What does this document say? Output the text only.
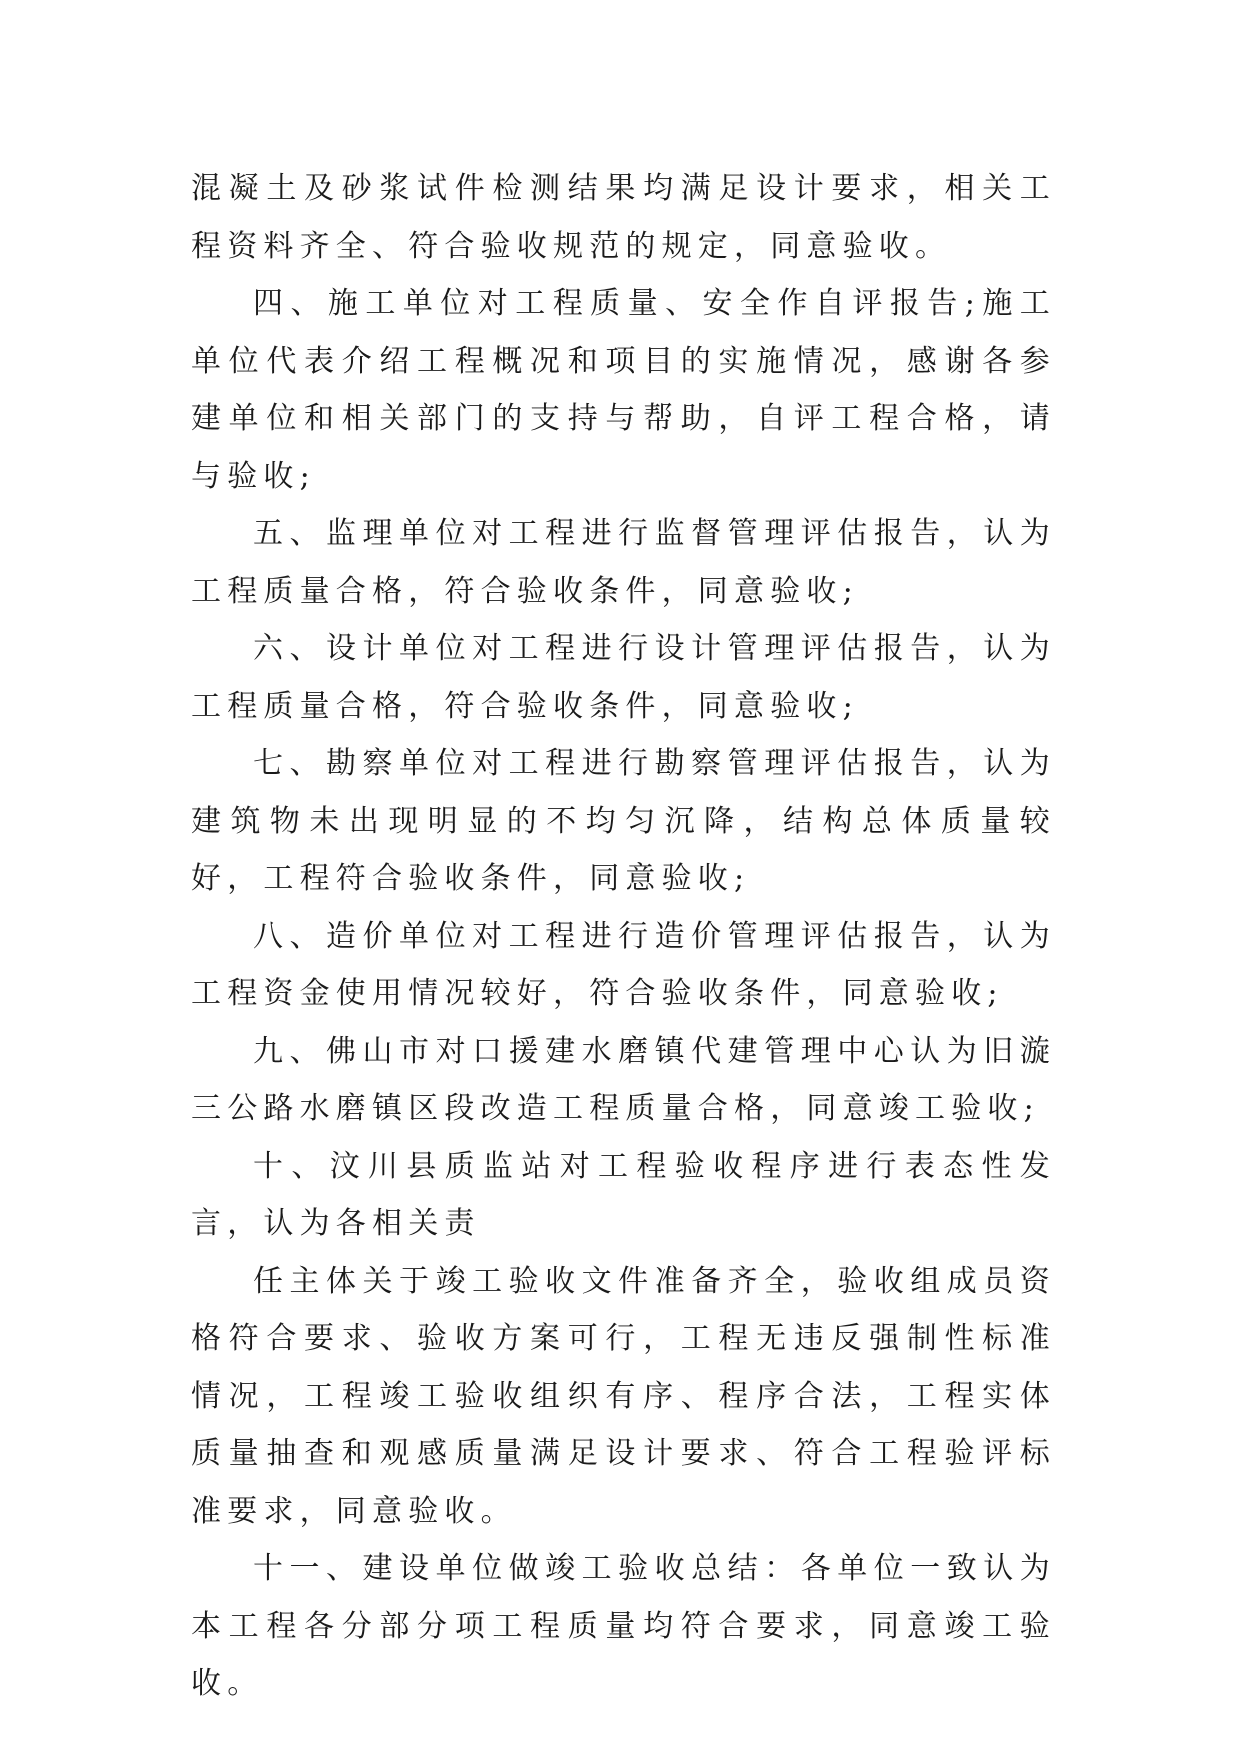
混凝土及砂浆试件检测结果均满足设计要求，相关工程资料齐全、符合验收规范的规定，同意验收。

四、施工单位对工程质量、安全作自评报告;施工单位代表介绍工程概况和项目的实施情况，感谢各参建单位和相关部门的支持与帮助，自评工程合格，请与验收;

五、监理单位对工程进行监督管理评估报告，认为工程质量合格，符合验收条件，同意验收;

六、设计单位对工程进行设计管理评估报告，认为工程质量合格，符合验收条件，同意验收;

七、勘察单位对工程进行勘察管理评估报告，认为建筑物未出现明显的不均匀沉降，结构总体质量较好，工程符合验收条件，同意验收;

八、造价单位对工程进行造价管理评估报告，认为工程资金使用情况较好，符合验收条件，同意验收;

九、佛山市对口援建水磨镇代建管理中心认为旧漩三公路水磨镇区段改造工程质量合格，同意竣工验收;

十、汶川县质监站对工程验收程序进行表态性发言，认为各相关责

任主体关于竣工验收文件准备齐全，验收组成员资格符合要求、验收方案可行，工程无违反强制性标准情况，工程竣工验收组织有序、程序合法，工程实体质量抽查和观感质量满足设计要求、符合工程验评标准要求，同意验收。

十一、建设单位做竣工验收总结：各单位一致认为本工程各分部分项工程质量均符合要求，同意竣工验收。
